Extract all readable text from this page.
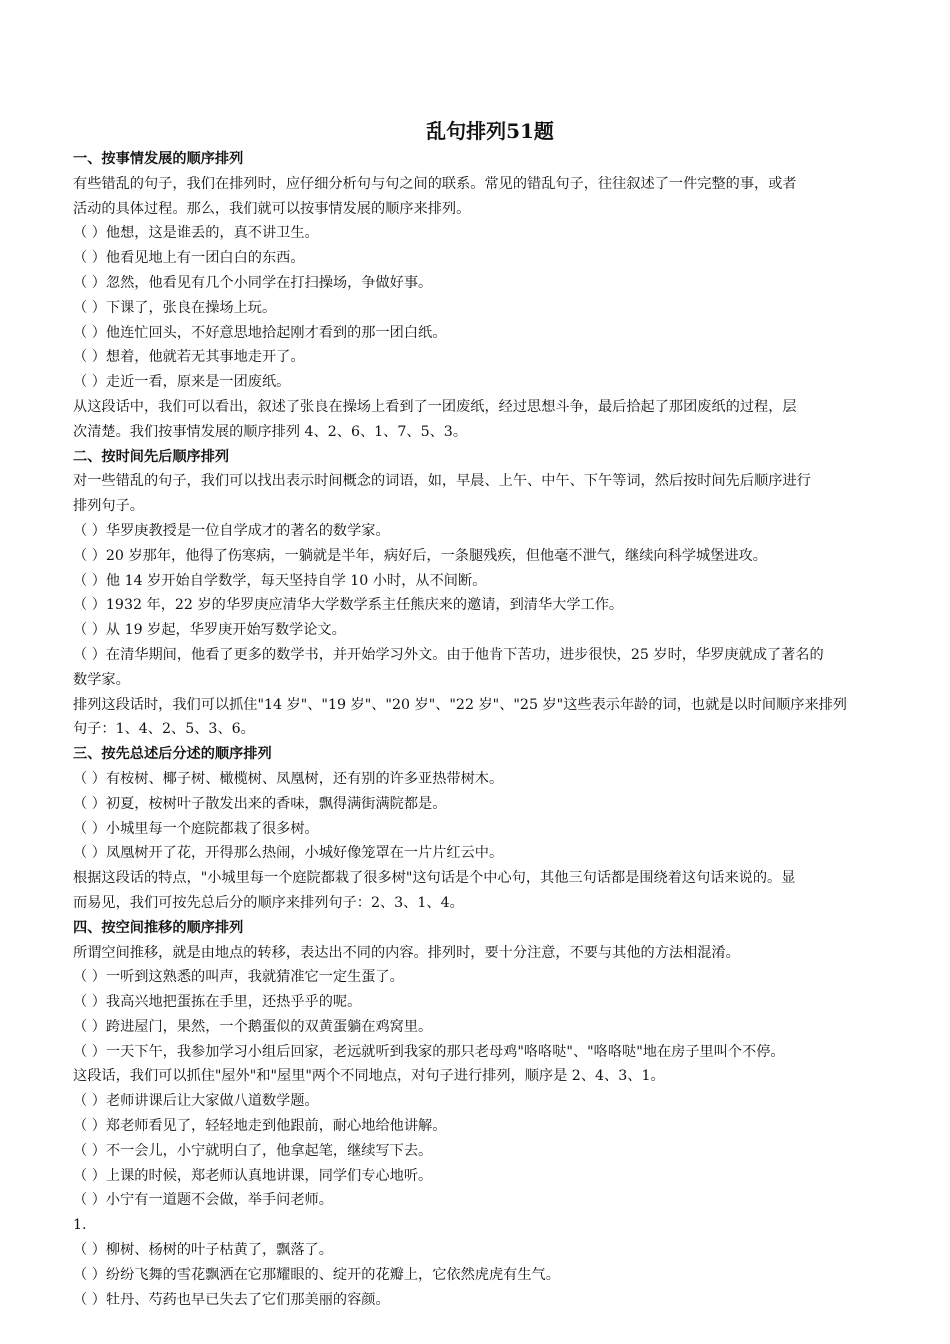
乱句排列51题
一、按事情发展的顺序排列
有些错乱的句子，我们在排列时，应仔细分析句与句之间的联系。常见的错乱句子，往往叙述了一件完整的事，或者
活动的具体过程。那么，我们就可以按事情发展的顺序来排列。
（ ）他想，这是谁丢的，真不讲卫生。
（ ）他看见地上有一团白白的东西。
（ ）忽然，他看见有几个小同学在打扫操场，争做好事。
（ ）下课了，张良在操场上玩。
（ ）他连忙回头，不好意思地拾起刚才看到的那一团白纸。
（ ）想着，他就若无其事地走开了。
（ ）走近一看，原来是一团废纸。
从这段话中，我们可以看出，叙述了张良在操场上看到了一团废纸，经过思想斗争，最后拾起了那团废纸的过程，层
次清楚。我们按事情发展的顺序排列 4、2、6、1、7、5、3。
二、按时间先后顺序排列
对一些错乱的句子，我们可以找出表示时间概念的词语，如，早晨、上午、中午、下午等词，然后按时间先后顺序进行
排列句子。
（ ）华罗庚教授是一位自学成才的著名的数学家。
（ ）20 岁那年，他得了伤寒病，一躺就是半年，病好后，一条腿残疾，但他毫不泄气，继续向科学城堡进攻。
（ ）他 14 岁开始自学数学，每天坚持自学 10 小时，从不间断。
（ ）1932 年，22 岁的华罗庚应清华大学数学系主任熊庆来的邀请，到清华大学工作。
（ ）从 19 岁起，华罗庚开始写数学论文。
（ ）在清华期间，他看了更多的数学书，并开始学习外文。由于他肯下苦功，进步很快，25 岁时，华罗庚就成了著名的
数学家。
排列这段话时，我们可以抓住"14 岁"、"19 岁"、"20 岁"、"22 岁"、"25 岁"这些表示年龄的词，也就是以时间顺序来排列
句子：1、4、2、5、3、6。
三、按先总述后分述的顺序排列
（ ）有桉树、椰子树、橄榄树、凤凰树，还有别的许多亚热带树木。
（ ）初夏，桉树叶子散发出来的香味，飘得满街满院都是。
（ ）小城里每一个庭院都栽了很多树。
（ ）凤凰树开了花，开得那么热闹，小城好像笼罩在一片片红云中。
根据这段话的特点，"小城里每一个庭院都栽了很多树"这句话是个中心句，其他三句话都是围绕着这句话来说的。显
而易见，我们可按先总后分的顺序来排列句子：2、3、1、4。
四、按空间推移的顺序排列
所谓空间推移，就是由地点的转移，表达出不同的内容。排列时，要十分注意，不要与其他的方法相混淆。
（ ）一听到这熟悉的叫声，我就猜准它一定生蛋了。
（ ）我高兴地把蛋拣在手里，还热乎乎的呢。
（ ）跨进屋门，果然，一个鹅蛋似的双黄蛋躺在鸡窝里。
（ ）一天下午，我参加学习小组后回家，老远就听到我家的那只老母鸡"咯咯哒"、"咯咯哒"地在房子里叫个不停。
这段话，我们可以抓住"屋外"和"屋里"两个不同地点，对句子进行排列，顺序是 2、4、3、1。
（ ）老师讲课后让大家做八道数学题。
（ ）郑老师看见了，轻轻地走到他跟前，耐心地给他讲解。
（ ）不一会儿，小宁就明白了，他拿起笔，继续写下去。
（ ）上课的时候，郑老师认真地讲课，同学们专心地听。
（ ）小宁有一道题不会做，举手问老师。
1.
（ ）柳树、杨树的叶子枯黄了，飘落了。
（ ）纷纷飞舞的雪花飘洒在它那耀眼的、绽开的花瓣上，它依然虎虎有生气。
（ ）牡丹、芍药也早已失去了它们那美丽的容颜。
